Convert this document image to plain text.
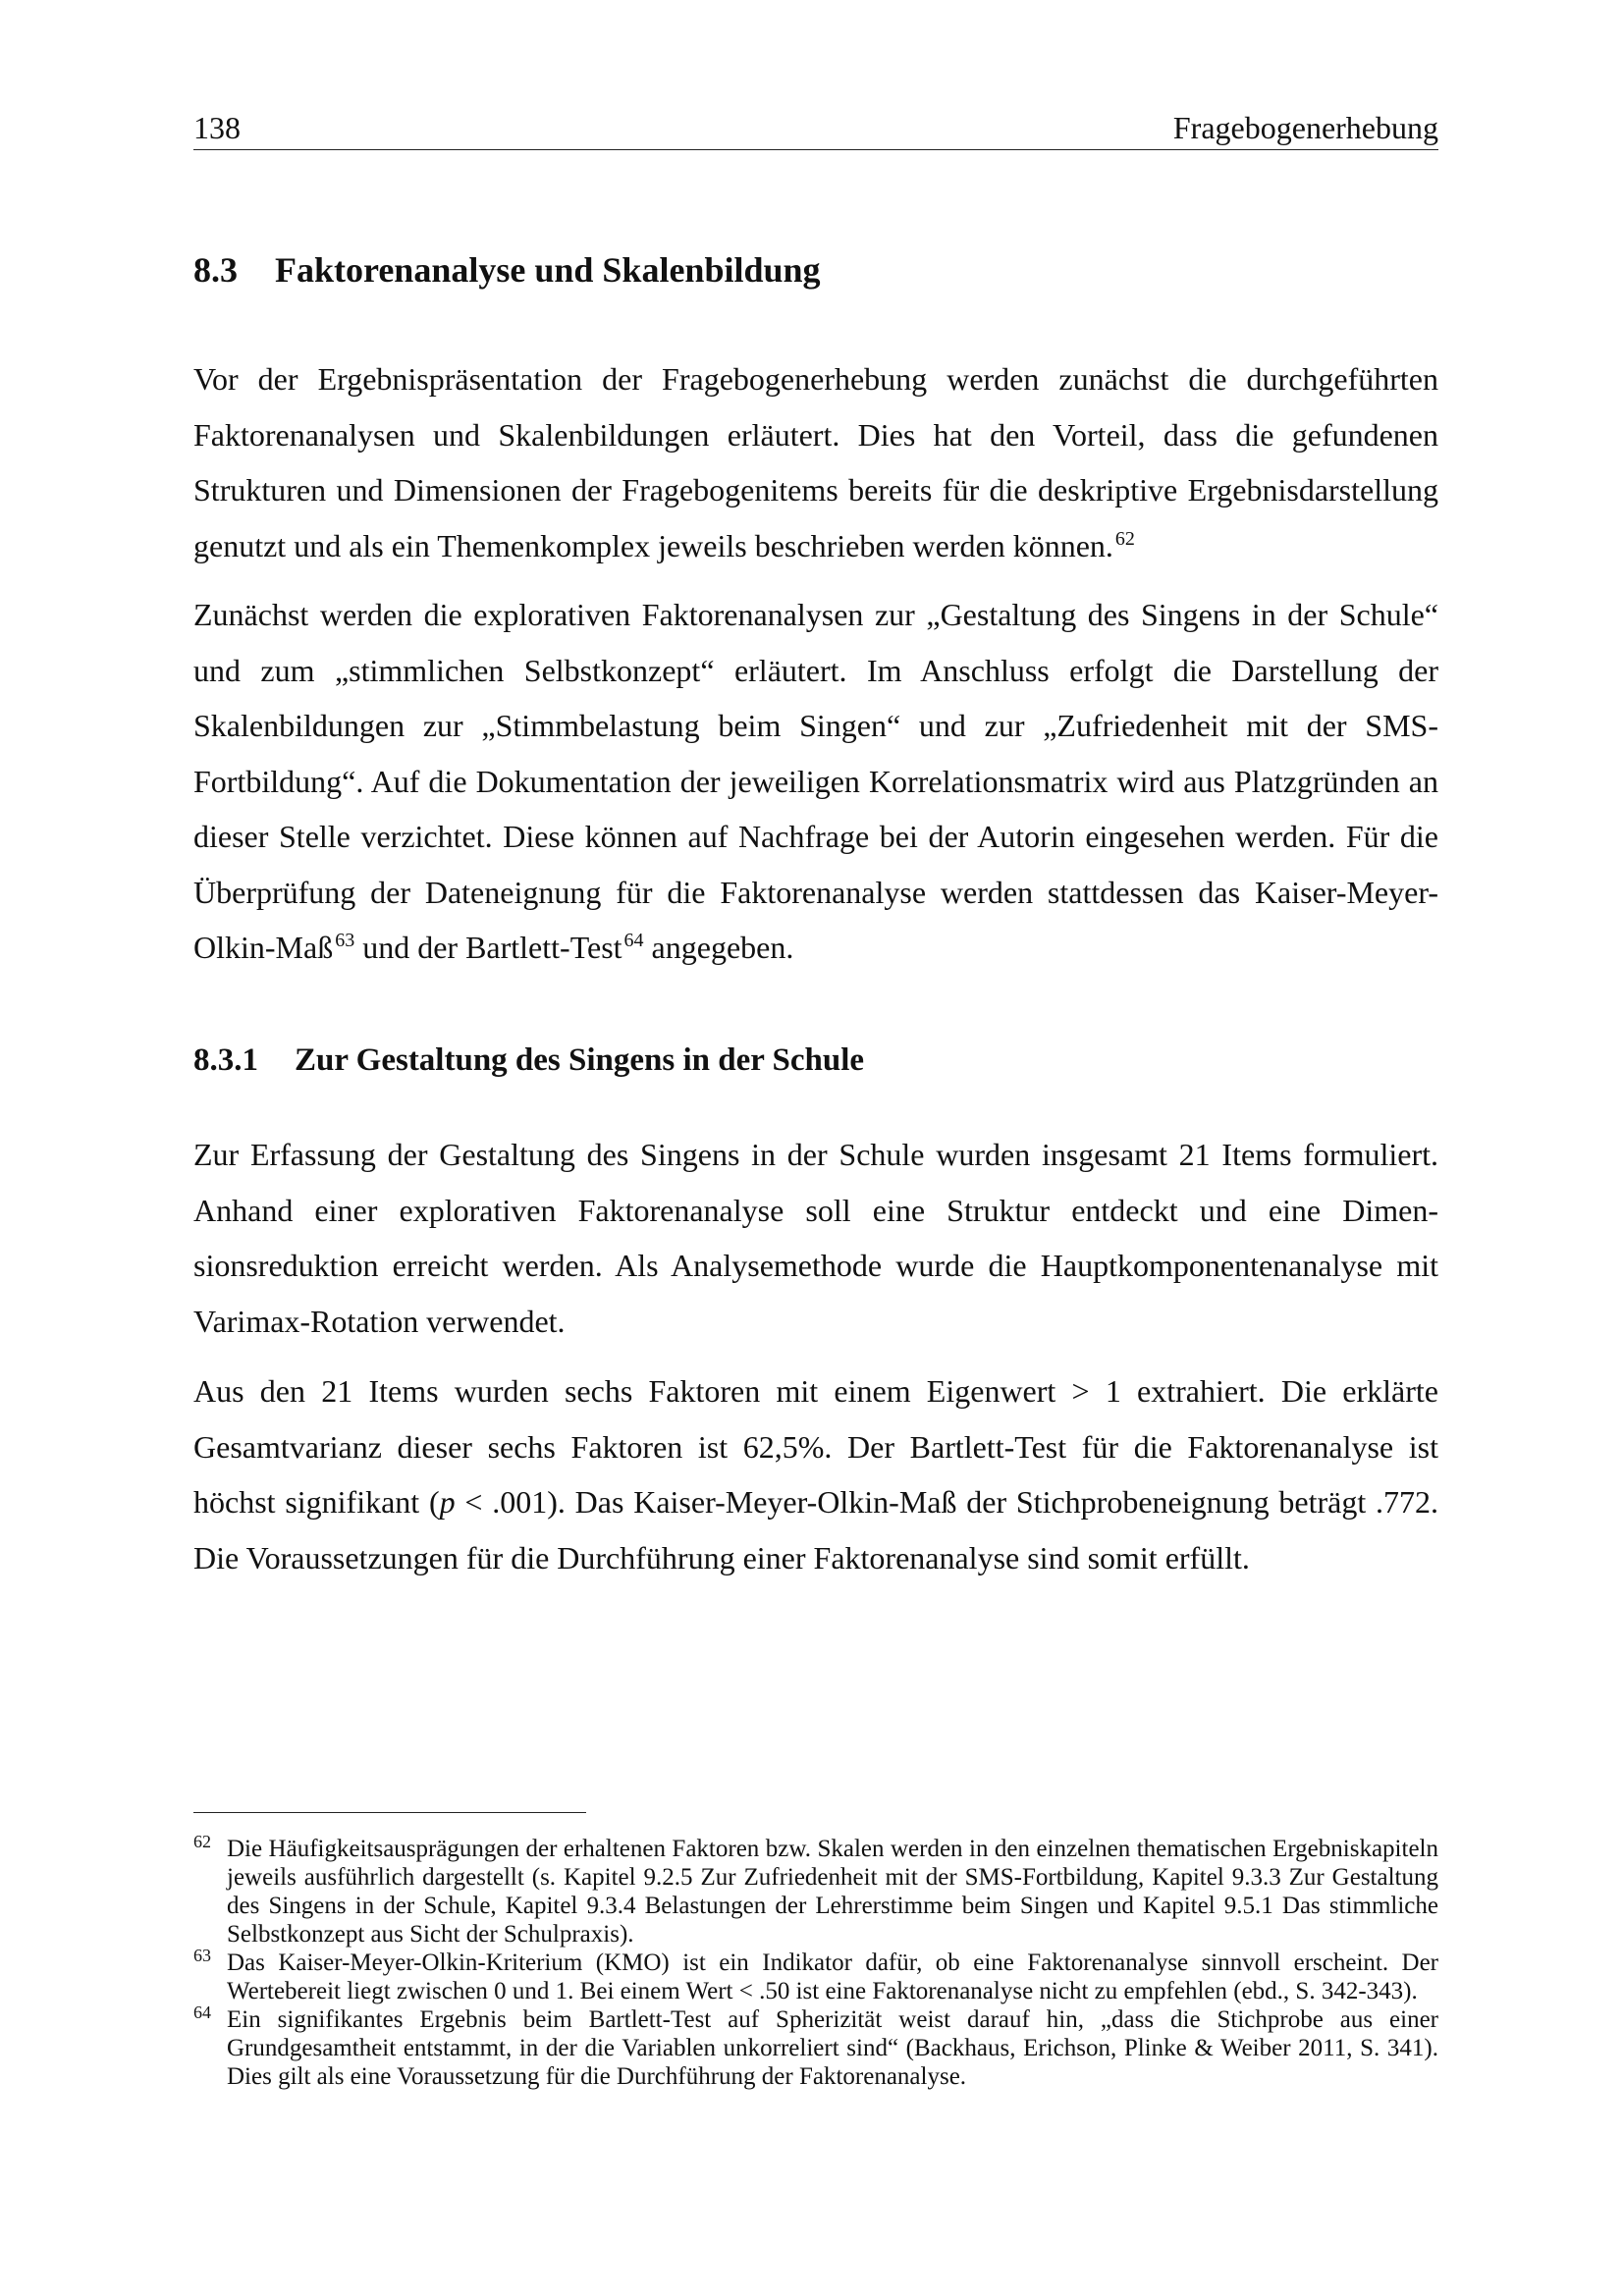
138	Fragebogenerhebung
8.3 Faktorenanalyse und Skalenbildung

Vor der Ergebnispräsentation der Fragebogenerhebung werden zunächst die durchgeführten Faktorenanalysen und Skalenbildungen erläutert. Dies hat den Vorteil, dass die gefundenen Strukturen und Dimensionen der Fragebogenitems bereits für die deskriptive Ergebnisdarstellung genutzt und als ein Themenkomplex jeweils beschrieben werden können. $^{62}$

Zunächst werden die explorativen Faktorenanalysen zur „Gestaltung des Singens in der Schule“ und zum „stimmlichen Selbstkonzept“ erläutert. Im Anschluss erfolgt die Darstellung der Skalenbildungen zur „Stimmbelastung beim Singen“ und zur „Zufriedenheit mit der SMS-Fortbildung“. Auf die Dokumentation der jeweiligen Korrelationsmatrix wird aus Platzgründen an dieser Stelle verzichtet. Diese können auf Nachfrage bei der Autorin eingesehen werden. Für die Überprüfung der Dateneignung für die Faktorenanalyse werden stattdessen das Kaiser-Meyer-Olkin-Maß $^{63}$ und der Bartlett-Test $^{64}$ angegeben.

8.3.1 Zur Gestaltung des Singens in der Schule

Zur Erfassung der Gestaltung des Singens in der Schule wurden insgesamt 21 Items formuliert. Anhand einer explorativen Faktorenanalyse soll eine Struktur entdeckt und eine Dimensionsreduktion erreicht werden. Als Analysemethode wurde die Hauptkomponentenanalyse mit Varimax-Rotation verwendet.

Aus den 21 Items wurden sechs Faktoren mit einem Eigenwert > 1 extrahiert. Die erklärte Gesamtvarianz dieser sechs Faktoren ist 62,5%. Der Bartlett-Test für die Faktorenanalyse ist höchst signifikant (p < .001). Das Kaiser-Meyer-Olkin-Maß der Stichprobeneignung beträgt .772. Die Voraussetzungen für die Durchführung einer Faktorenanalyse sind somit erfüllt.

62 Die Häufigkeitsausprägungen der erhaltenen Faktoren bzw. Skalen werden in den einzelnen thematischen Ergebniskapiteln jeweils ausführlich dargestellt (s. Kapitel 9.2.5 Zur Zufriedenheit mit der SMS-Fortbildung, Kapitel 9.3.3 Zur Gestaltung des Singens in der Schule, Kapitel 9.3.4 Belastungen der Lehrerstimme beim Singen und Kapitel 9.5.1 Das stimmliche Selbstkonzept aus Sicht der Schulpraxis).

63 Das Kaiser-Meyer-Olkin-Kriterium (KMO) ist ein Indikator dafür, ob eine Faktorenanalyse sinnvoll erscheint. Der Wertebereit liegt zwischen 0 und 1. Bei einem Wert < .50 ist eine Faktorenanalyse nicht zu empfehlen (ebd., S. 342-343).

64 Ein signifikantes Ergebnis beim Bartlett-Test auf Spherizität weist darauf hin, „dass die Stichprobe aus einer Grundgesamtheit entstammt, in der die Variablen unkorreliert sind“ (Backhaus, Erichson, Plinke & Weiber 2011, S. 341). Dies gilt als eine Voraussetzung für die Durchführung der Faktorenanalyse.
